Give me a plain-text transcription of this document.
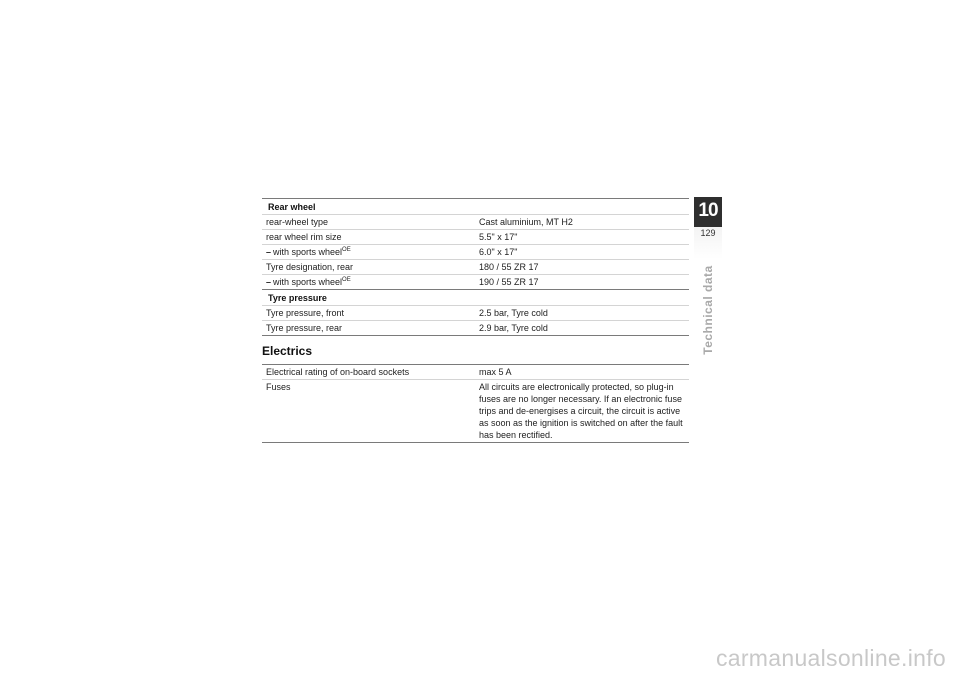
Rear wheel	
rear-wheel type	Cast aluminium, MT H2
rear wheel rim size	5.5" x 17"
– with sports wheel$^{OE}$	6.0" x 17"
Tyre designation, rear	180 / 55 ZR 17
– with sports wheel$^{OE}$	190 / 55 ZR 17
Tyre pressure	
Tyre pressure, front	2.5 bar, Tyre cold
Tyre pressure, rear	2.9 bar, Tyre cold
Electrics
Electrical rating of on-board sockets	max 5 A
Fuses	All circuits are electronically protected, so plug-in fuses are no longer necessary. If an electronic fuse trips and de-energises a circuit, the circuit is active as soon as the ignition is switched on after the fault has been rectified.
10
129
Technical data
carmanualsonline.info
